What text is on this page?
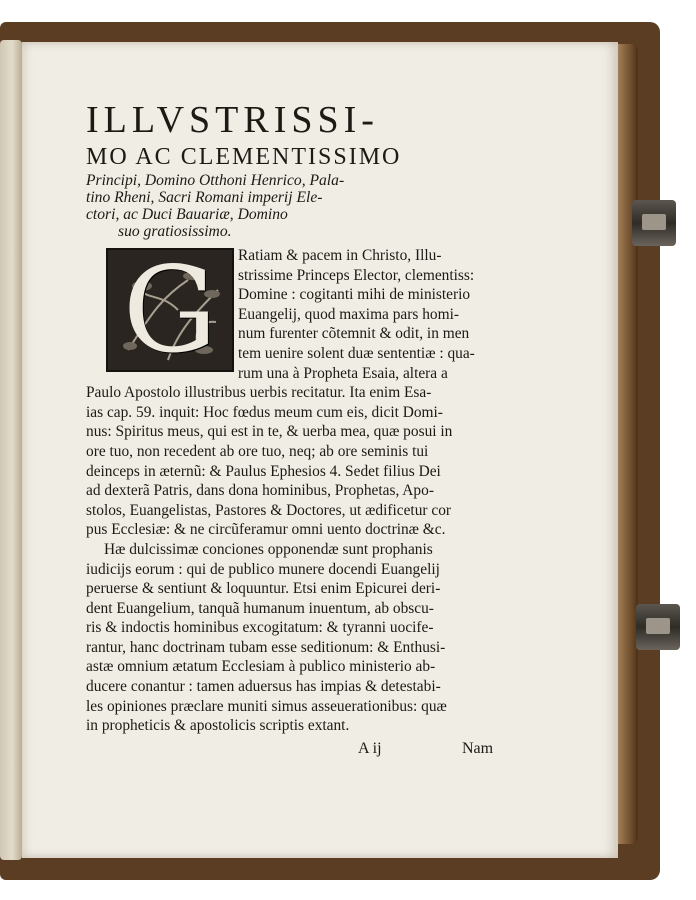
ILLVSTRISSI-
MO AC CLEMENTISSIMO
Principi, Domino Otthoni Henrico, Pala-
tino Rheni, Sacri Romani imperij Ele-
ctori, ac Duci Bauariæ, Domino
suo gratiosissimo.
G	Ratiam & pacem in Christo, Illu-
strissime Princeps Elector, clementiss:
Domine : cogitanti mihi de ministerio
Euangelij, quod maxima pars homi-
num furenter cõtemnit & odit, in men
tem uenire solent duæ sententiæ : qua-
rum una à Propheta Esaia, altera a
Paulo Apostolo illustribus uerbis recitatur. Ita enim Esa-
ias cap. 59. inquit: Hoc fœdus meum cum eis, dicit Domi-
nus: Spiritus meus, qui est in te, & uerba mea, quæ posui in
ore tuo, non recedent ab ore tuo, neq; ab ore seminis tui
deinceps in æternũ: & Paulus Ephesios 4. Sedet filius Dei
ad dexterã Patris, dans dona hominibus, Prophetas, Apo-
stolos, Euangelistas, Pastores & Doctores, ut ædificetur cor
pus Ecclesiæ: & ne circũferamur omni uento doctrinæ &c.
Hæ dulcissimæ conciones opponendæ sunt prophanis
iudicijs eorum : qui de publico munere docendi Euangelij
peruerse & sentiunt & loquuntur. Etsi enim Epicurei deri-
dent Euangelium, tanquã humanum inuentum, ab obscu-
ris & indoctis hominibus excogitatum: & tyranni uocife-
rantur, hanc doctrinam tubam esse seditionum: & Enthusi-
astæ omnium ætatum Ecclesiam à publico ministerio ab-
ducere conantur : tamen aduersus has impias & detestabi-
les opiniones præclare muniti simus asseuerationibus: quæ
in propheticis & apostolicis scriptis extant.
A ij	Nam
